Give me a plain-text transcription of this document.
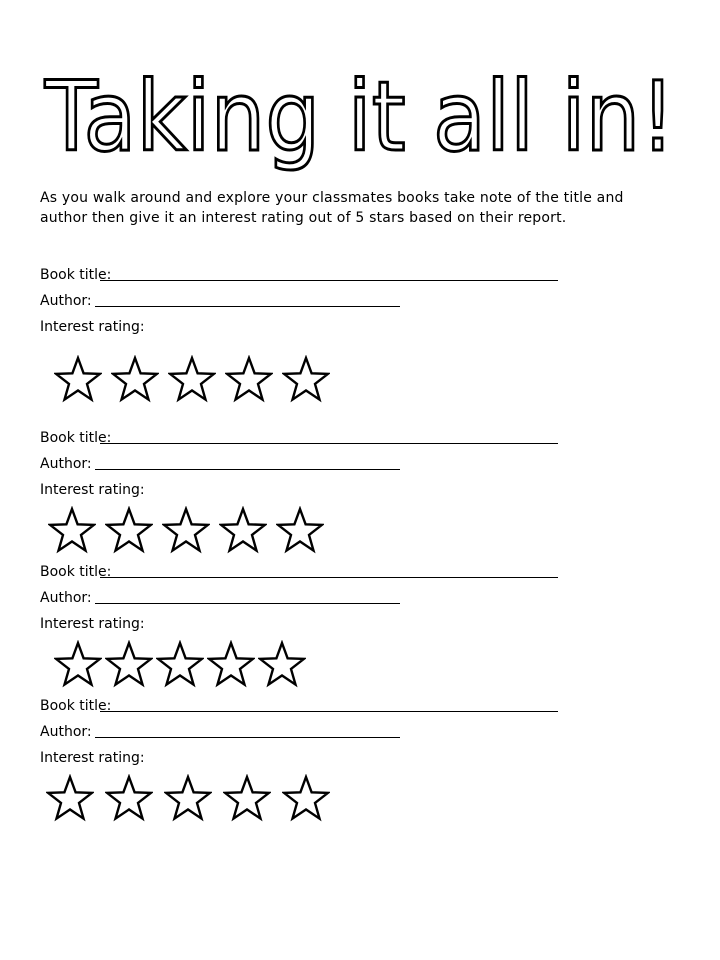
Taking it all in!

As you walk around and explore your classmates books take note of the title and author then give it an interest rating out of 5 stars based on their report.

Book title:
Author:
Interest rating:
Book title:
Author:
Interest rating:
Book title:
Author:
Interest rating:
Book title:
Author:
Interest rating:
